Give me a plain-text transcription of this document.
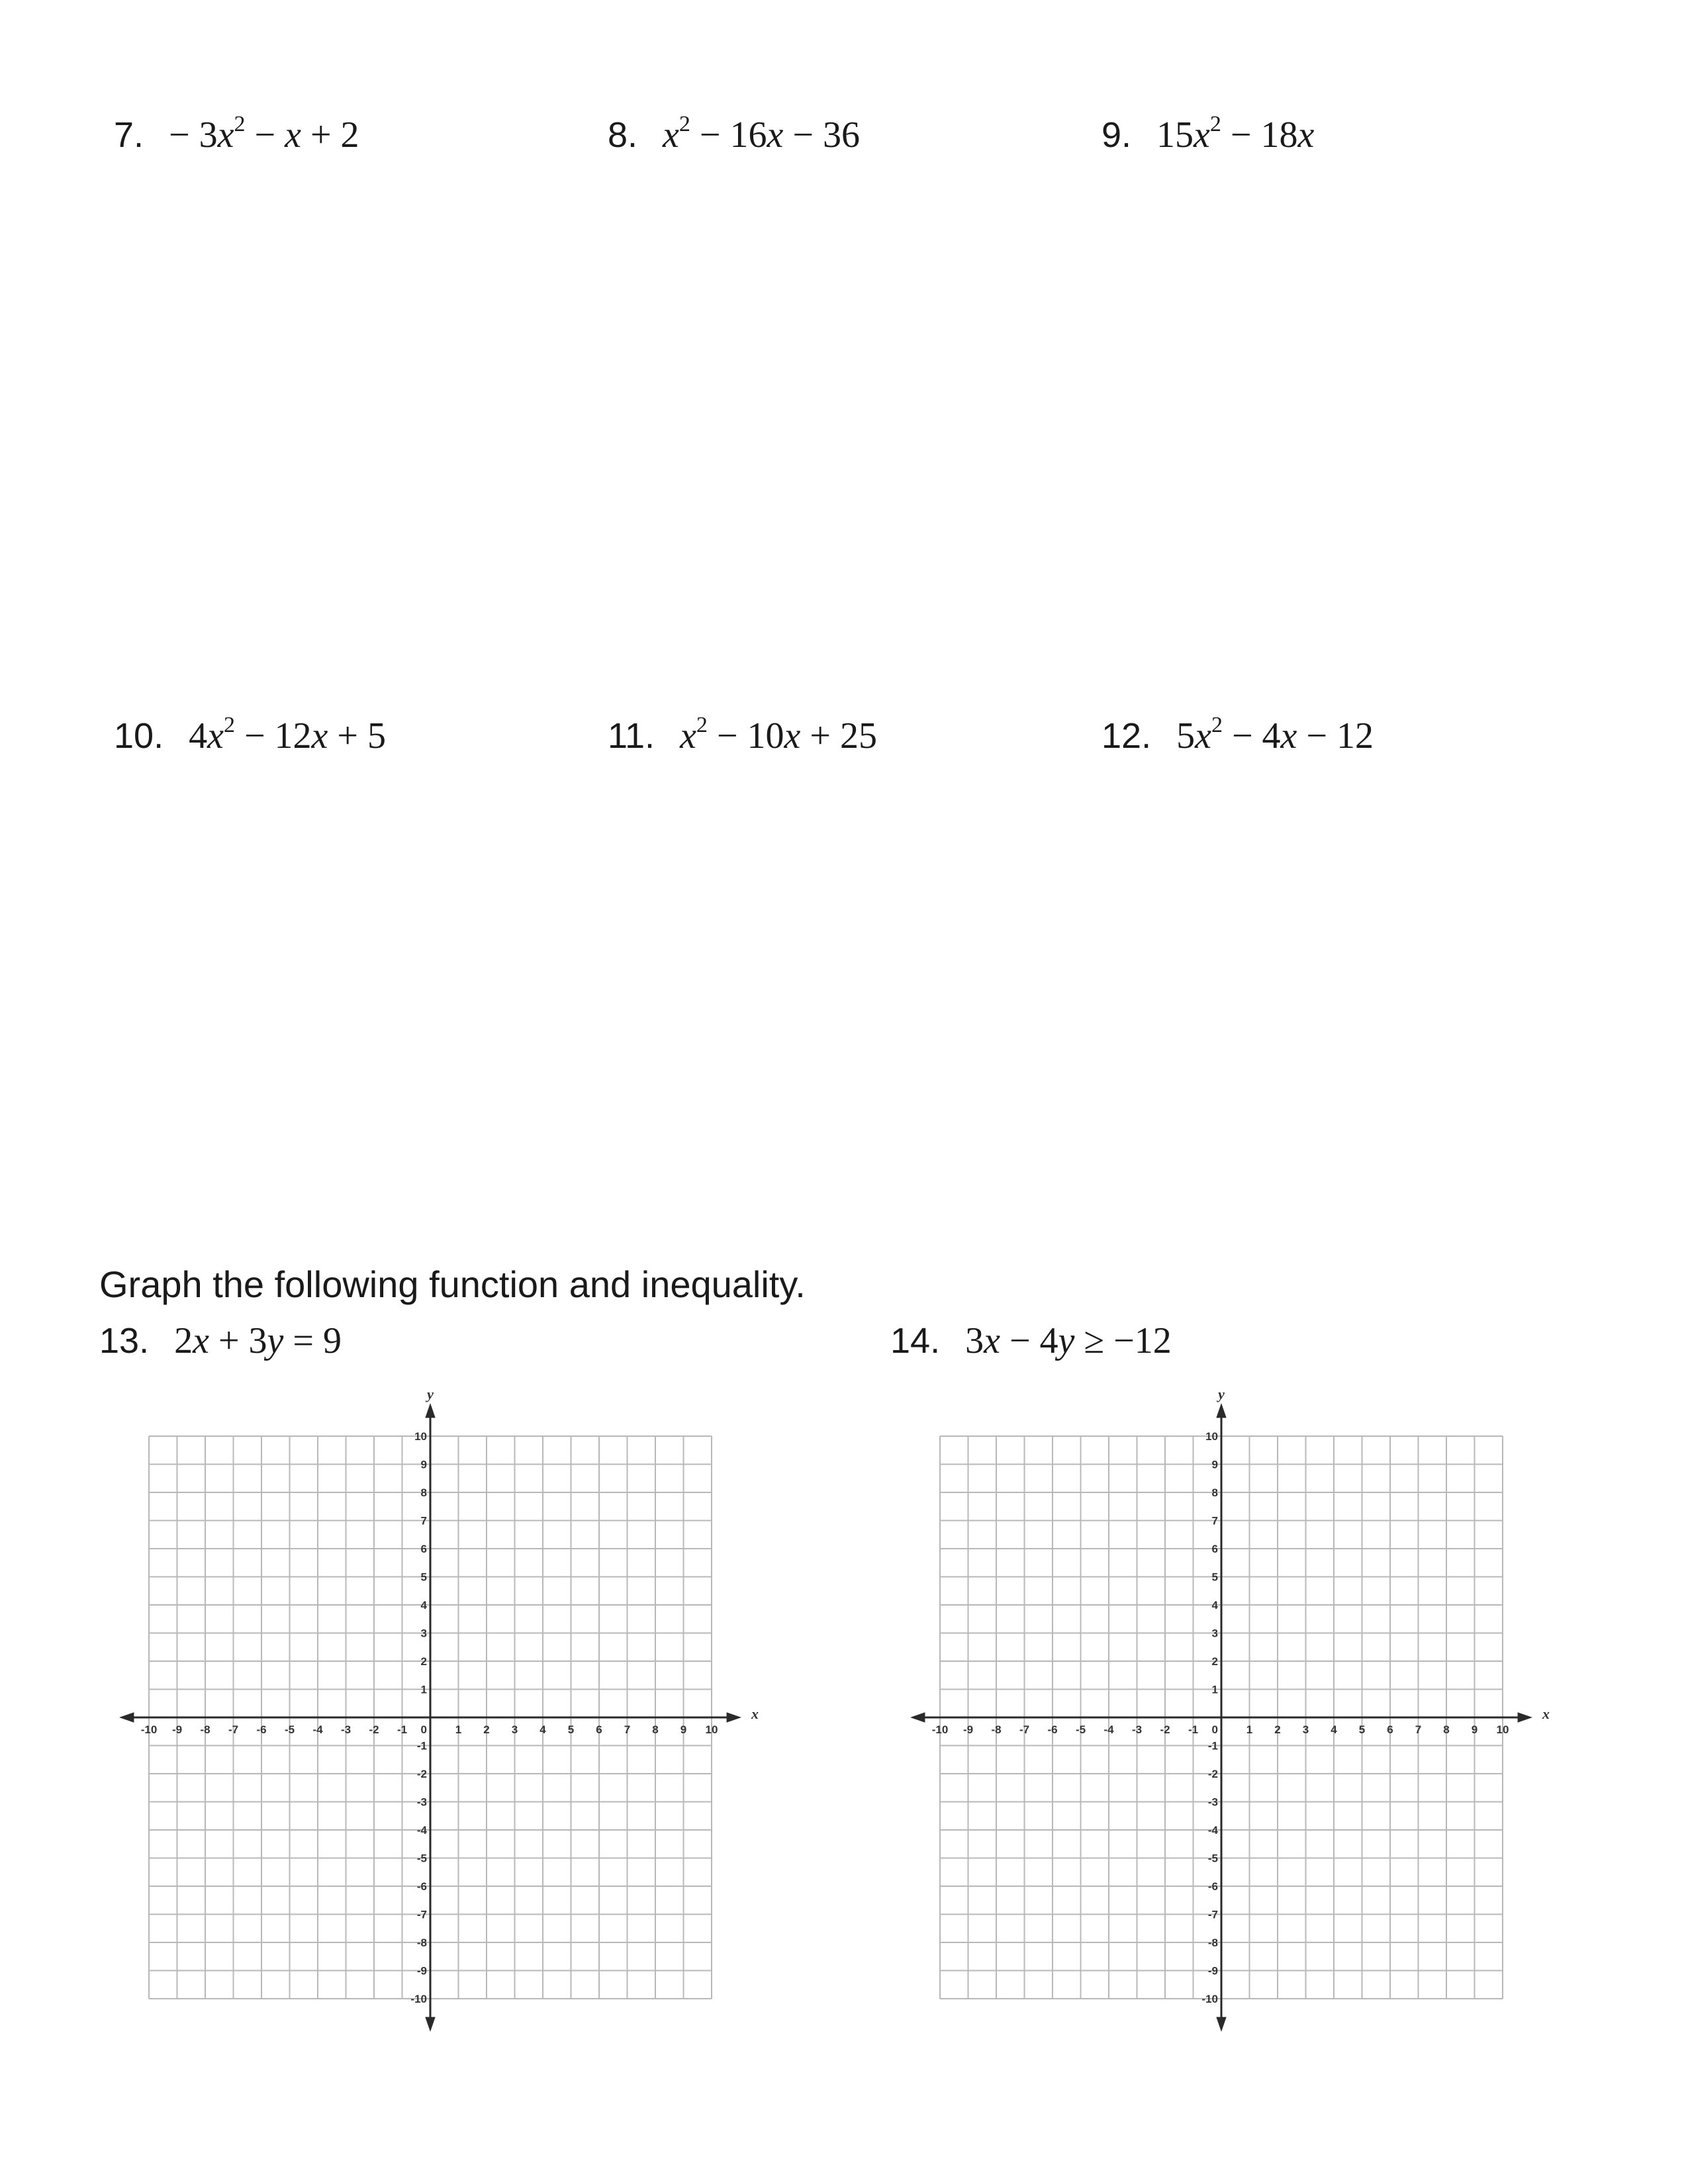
7. − $3x^2 - x + 2$	8. $x^2 - 16x - 36$	9. $15x^2 - 18x$
10. $4x^2 - 12x + 5$	11. $x^2 - 10x + 25$	12. $5x^2 - 4x - 12$
Graph the following function and inequality.
13. 2x + 3y = 9	14. 3x − 4y ≥ −12
-10 -9 -8 -7 -6 -5 -4 -3 -2 -1	1 2 3 4 5 6 7 8 9 10
10
9
8
7
6
5
4
3
2
1
-1
-2
-3
-4
-5
-6
-7
-8
-9
-10
0
x
y
-10 -9 -8 -7 -6 -5 -4 -3 -2 -1	1 2 3 4 5 6 7 8 9 10
10
9
8
7
6
5
4
3
2
1
-1
-2
-3
-4
-5
-6
-7
-8
-9
-10
0
x
y
